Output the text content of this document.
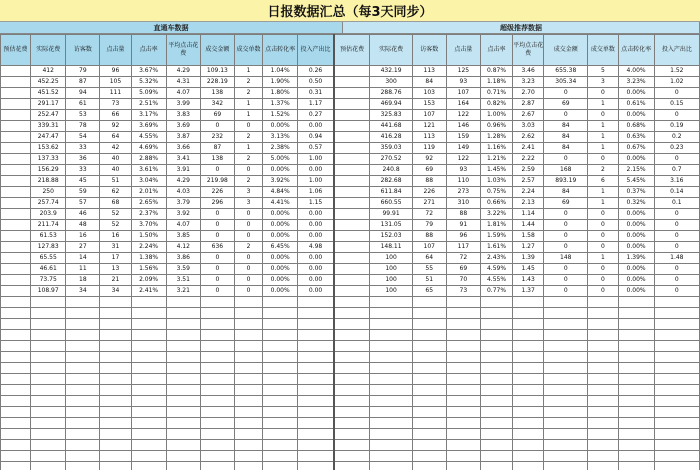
日报数据汇总（每3天同步）
直通车数据	超级推荐数据
预估花费	实际花费	访客数	点击量	点击率	平均点击花费	成交金额	成交单数	点击转化率	投入产出比	预估花费	实际花费	访客数	点击量	点击率	平均点击花费	成交金额	成交单数	点击转化率	投入产出比
	412	79	96	3.67%	4.29	109.13	1	1.04%	0.26		432.19	113	125	0.87%	3.46	655.38	5	4.00%	1.52
	452.25	87	105	5.32%	4.31	228.19	2	1.90%	0.50		300	84	93	1.18%	3.23	305.34	3	3.23%	1.02
	451.52	94	111	5.09%	4.07	138	2	1.80%	0.31		288.76	103	107	0.71%	2.70	0	0	0.00%	0
	291.17	61	73	2.51%	3.99	342	1	1.37%	1.17		469.94	153	164	0.82%	2.87	69	1	0.61%	0.15
	252.47	53	66	3.17%	3.83	69	1	1.52%	0.27		325.83	107	122	1.00%	2.67	0	0	0.00%	0
	339.31	78	92	3.69%	3.69	0	0	0.00%	0.00		441.68	121	146	0.96%	3.03	84	1	0.68%	0.19
	247.47	54	64	4.55%	3.87	232	2	3.13%	0.94		416.28	113	159	1.28%	2.62	84	1	0.63%	0.2
	153.62	33	42	4.69%	3.66	87	1	2.38%	0.57		359.03	119	149	1.16%	2.41	84	1	0.67%	0.23
	137.33	36	40	2.88%	3.41	138	2	5.00%	1.00		270.52	92	122	1.21%	2.22	0	0	0.00%	0
	156.29	33	40	3.61%	3.91	0	0	0.00%	0.00		240.8	69	93	1.45%	2.59	168	2	2.15%	0.7
	218.88	45	51	3.04%	4.29	219.98	2	3.92%	1.00		282.68	88	110	1.03%	2.57	893.19	6	5.45%	3.16
	250	59	62	2.01%	4.03	226	3	4.84%	1.06		611.84	226	273	0.75%	2.24	84	1	0.37%	0.14
	257.74	57	68	2.65%	3.79	296	3	4.41%	1.15		660.55	271	310	0.66%	2.13	69	1	0.32%	0.1
	203.9	46	52	2.37%	3.92	0	0	0.00%	0.00		99.91	72	88	3.22%	1.14	0	0	0.00%	0
	211.74	48	52	3.70%	4.07	0	0	0.00%	0.00		131.05	79	91	1.81%	1.44	0	0	0.00%	0
	61.53	16	16	1.50%	3.85	0	0	0.00%	0.00		152.03	88	96	1.59%	1.58	0	0	0.00%	0
	127.83	27	31	2.24%	4.12	636	2	6.45%	4.98		148.11	107	117	1.61%	1.27	0	0	0.00%	0
	65.55	14	17	1.38%	3.86	0	0	0.00%	0.00		100	64	72	2.43%	1.39	148	1	1.39%	1.48
	46.61	11	13	1.56%	3.59	0	0	0.00%	0.00		100	55	69	4.59%	1.45	0	0	0.00%	0
	73.75	18	21	2.09%	3.51	0	0	0.00%	0.00		100	51	70	4.55%	1.43	0	0	0.00%	0
	108.97	34	34	2.41%	3.21	0	0	0.00%	0.00		100	65	73	0.77%	1.37	0	0	0.00%	0
